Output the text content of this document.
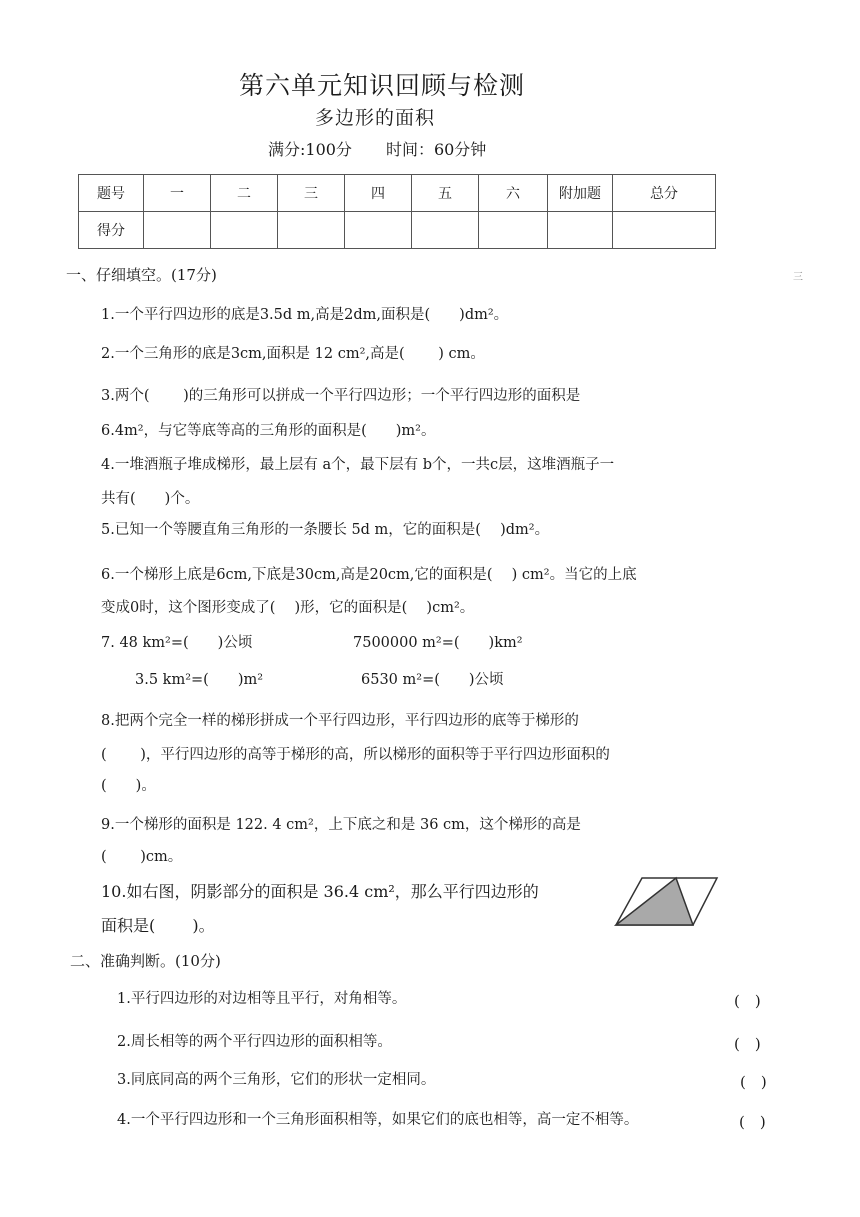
第六单元知识回顾与检测
多边形的面积
满分:100分 时间：60分钟
题号	一	二	三	四	五	六	附加题	总分
得分								
一、仔细填空。(17分)	三
1.一个平行四边形的底是3.5d m,高是2dm,面积是(　　)dm²。
2.一个三角形的底是3cm,面积是 12 cm²,高是(　　 ) cm。
3.两个(　　 )的三角形可以拼成一个平行四边形；一个平行四边形的面积是
6.4m²，与它等底等高的三角形的面积是(　　)m²。
4.一堆酒瓶子堆成梯形，最上层有 a个，最下层有 b个，一共c层，这堆酒瓶子一
共有(　　)个。
5.已知一个等腰直角三角形的一条腰长 5d m，它的面积是(　 )dm²。
6.一个梯形上底是6cm,下底是30cm,高是20cm,它的面积是(　 ) cm²。当它的上底
变成0时，这个图形变成了(　 )形，它的面积是(　 )cm²。
7. 48 km²=(　　)公顷	7500000 m²=(　　)km²
3.5 km²=(　　)m²	6530 m²=(　　)公顷
8.把两个完全一样的梯形拼成一个平行四边形，平行四边形的底等于梯形的
(　　 )，平行四边形的高等于梯形的高，所以梯形的面积等于平行四边形面积的
(　　)。
9.一个梯形的面积是 122. 4 cm²，上下底之和是 36 cm，这个梯形的高是
(　　 )cm。
10.如右图，阴影部分的面积是 36.4 cm²，那么平行四边形的
面积是(　　 )。
二、准确判断。(10分)
1.平行四边形的对边相等且平行，对角相等。	(　)
2.周长相等的两个平行四边形的面积相等。	(　)
3.同底同高的两个三角形，它们的形状一定相同。	(　)
4.一个平行四边形和一个三角形面积相等，如果它们的底也相等，高一定不相等。	(　)
